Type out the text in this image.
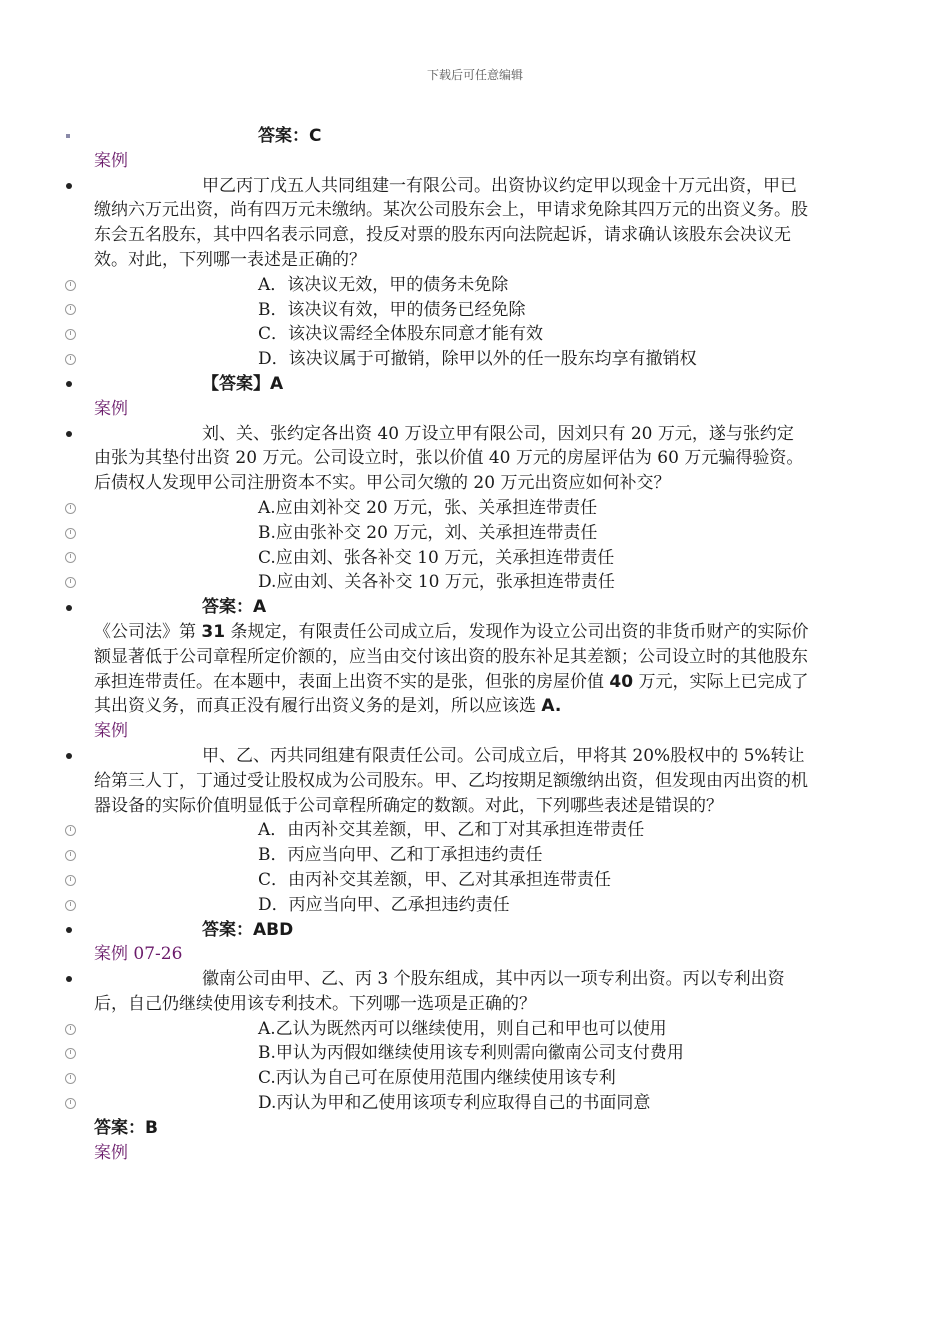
下载后可任意编辑
答案：C
案例
甲乙丙丁戊五人共同组建一有限公司。出资协议约定甲以现金十万元出资，甲已缴纳六万元出资，尚有四万元未缴纳。某次公司股东会上，甲请求免除其四万元的出资义务。股东会五名股东，其中四名表示同意，投反对票的股东丙向法院起诉，请求确认该股东会决议无效。对此，下列哪一表述是正确的？
A．该决议无效，甲的债务未免除
B．该决议有效，甲的债务已经免除
C．该决议需经全体股东同意才能有效
D．该决议属于可撤销，除甲以外的任一股东均享有撤销权
【答案】A
案例
刘、关、张约定各出资 40 万设立甲有限公司，因刘只有 20 万元，遂与张约定由张为其垫付出资 20 万元。公司设立时，张以价值 40 万元的房屋评估为 60 万元骗得验资。后债权人发现甲公司注册资本不实。甲公司欠缴的 20 万元出资应如何补交？
A.应由刘补交 20 万元，张、关承担连带责任
B.应由张补交 20 万元，刘、关承担连带责任
C.应由刘、张各补交 10 万元，关承担连带责任
D.应由刘、关各补交 10 万元，张承担连带责任
答案：A
《公司法》第 31 条规定，有限责任公司成立后，发现作为设立公司出资的非货币财产的实际价额显著低于公司章程所定价额的，应当由交付该出资的股东补足其差额；公司设立时的其他股东承担连带责任。在本题中，表面上出资不实的是张，但张的房屋价值 40 万元，实际上已完成了其出资义务，而真正没有履行出资义务的是刘，所以应该选 A.
案例
甲、乙、丙共同组建有限责任公司。公司成立后，甲将其 20%股权中的 5%转让给第三人丁，丁通过受让股权成为公司股东。甲、乙均按期足额缴纳出资，但发现由丙出资的机器设备的实际价值明显低于公司章程所确定的数额。对此，下列哪些表述是错误的？
A．由丙补交其差额，甲、乙和丁对其承担连带责任
B．丙应当向甲、乙和丁承担违约责任
C．由丙补交其差额，甲、乙对其承担连带责任
D．丙应当向甲、乙承担违约责任
答案：ABD
案例 07-26
徽南公司由甲、乙、丙 3 个股东组成，其中丙以一项专利出资。丙以专利出资后，自己仍继续使用该专利技术。下列哪一选项是正确的？
A.乙认为既然丙可以继续使用，则自己和甲也可以使用
B.甲认为丙假如继续使用该专利则需向徽南公司支付费用
C.丙认为自己可在原使用范围内继续使用该专利
D.丙认为甲和乙使用该项专利应取得自己的书面同意
答案：B
案例
